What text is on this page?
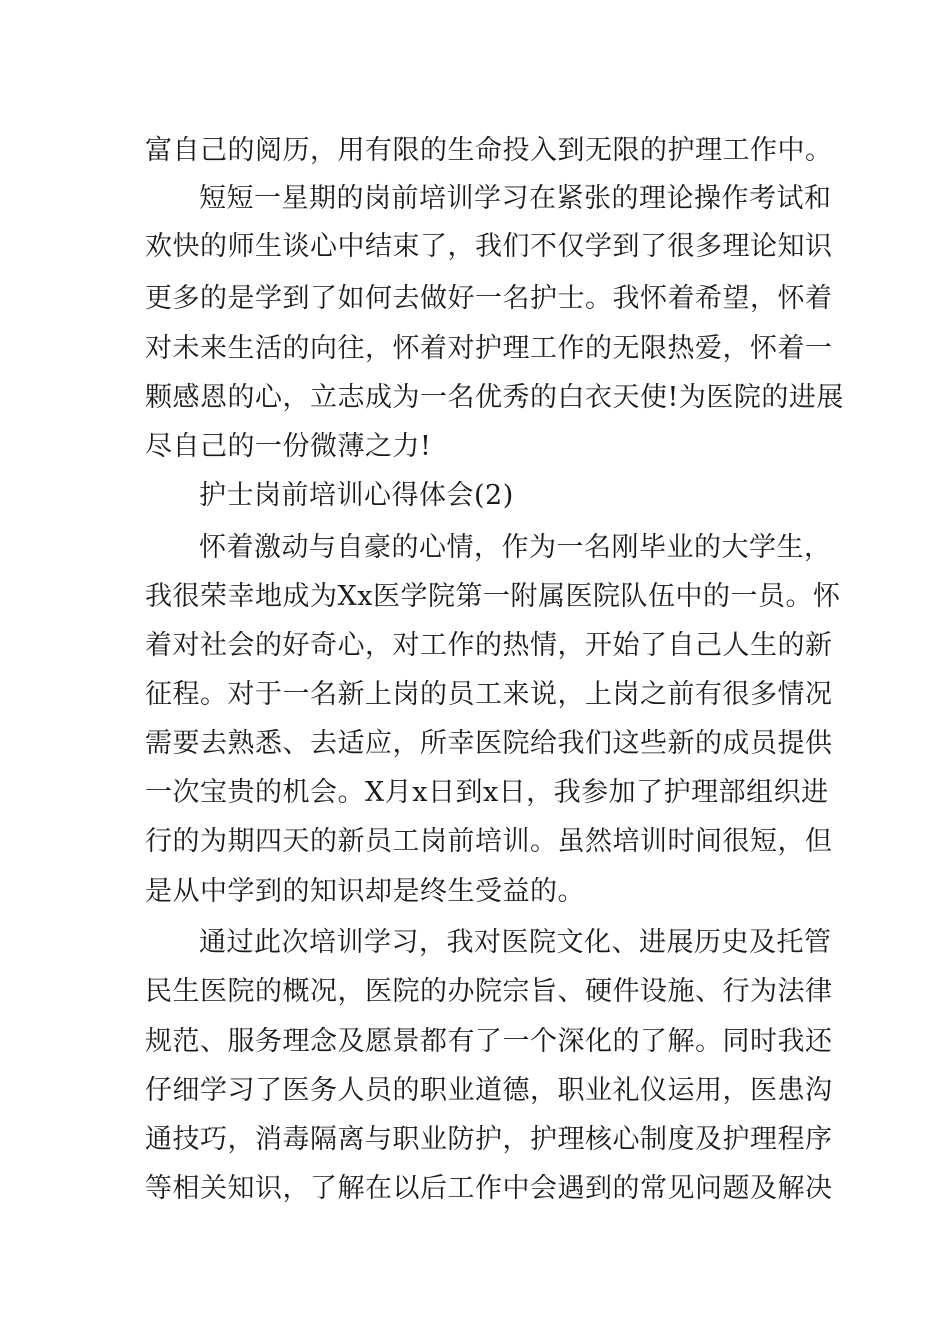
富自己的阅历，用有限的生命投入到无限的护理工作中。
短短一星期的岗前培训学习在紧张的理论操作考试和
欢快的师生谈心中结束了，我们不仅学到了很多理论知识
更多的是学到了如何去做好一名护士。我怀着希望，怀着
对未来生活的向往，怀着对护理工作的无限热爱，怀着一
颗感恩的心，立志成为一名优秀的白衣天使!为医院的进展
尽自己的一份微薄之力!
护士岗前培训心得体会(2)
怀着激动与自豪的心情，作为一名刚毕业的大学生，
我很荣幸地成为Xx医学院第一附属医院队伍中的一员。怀
着对社会的好奇心，对工作的热情，开始了自己人生的新
征程。对于一名新上岗的员工来说，上岗之前有很多情况
需要去熟悉、去适应，所幸医院给我们这些新的成员提供
一次宝贵的机会。X月x日到x日，我参加了护理部组织进
行的为期四天的新员工岗前培训。虽然培训时间很短，但
是从中学到的知识却是终生受益的。
通过此次培训学习，我对医院文化、进展历史及托管
民生医院的概况，医院的办院宗旨、硬件设施、行为法律
规范、服务理念及愿景都有了一个深化的了解。同时我还
仔细学习了医务人员的职业道德，职业礼仪运用，医患沟
通技巧，消毒隔离与职业防护，护理核心制度及护理程序
等相关知识，了解在以后工作中会遇到的常见问题及解决
